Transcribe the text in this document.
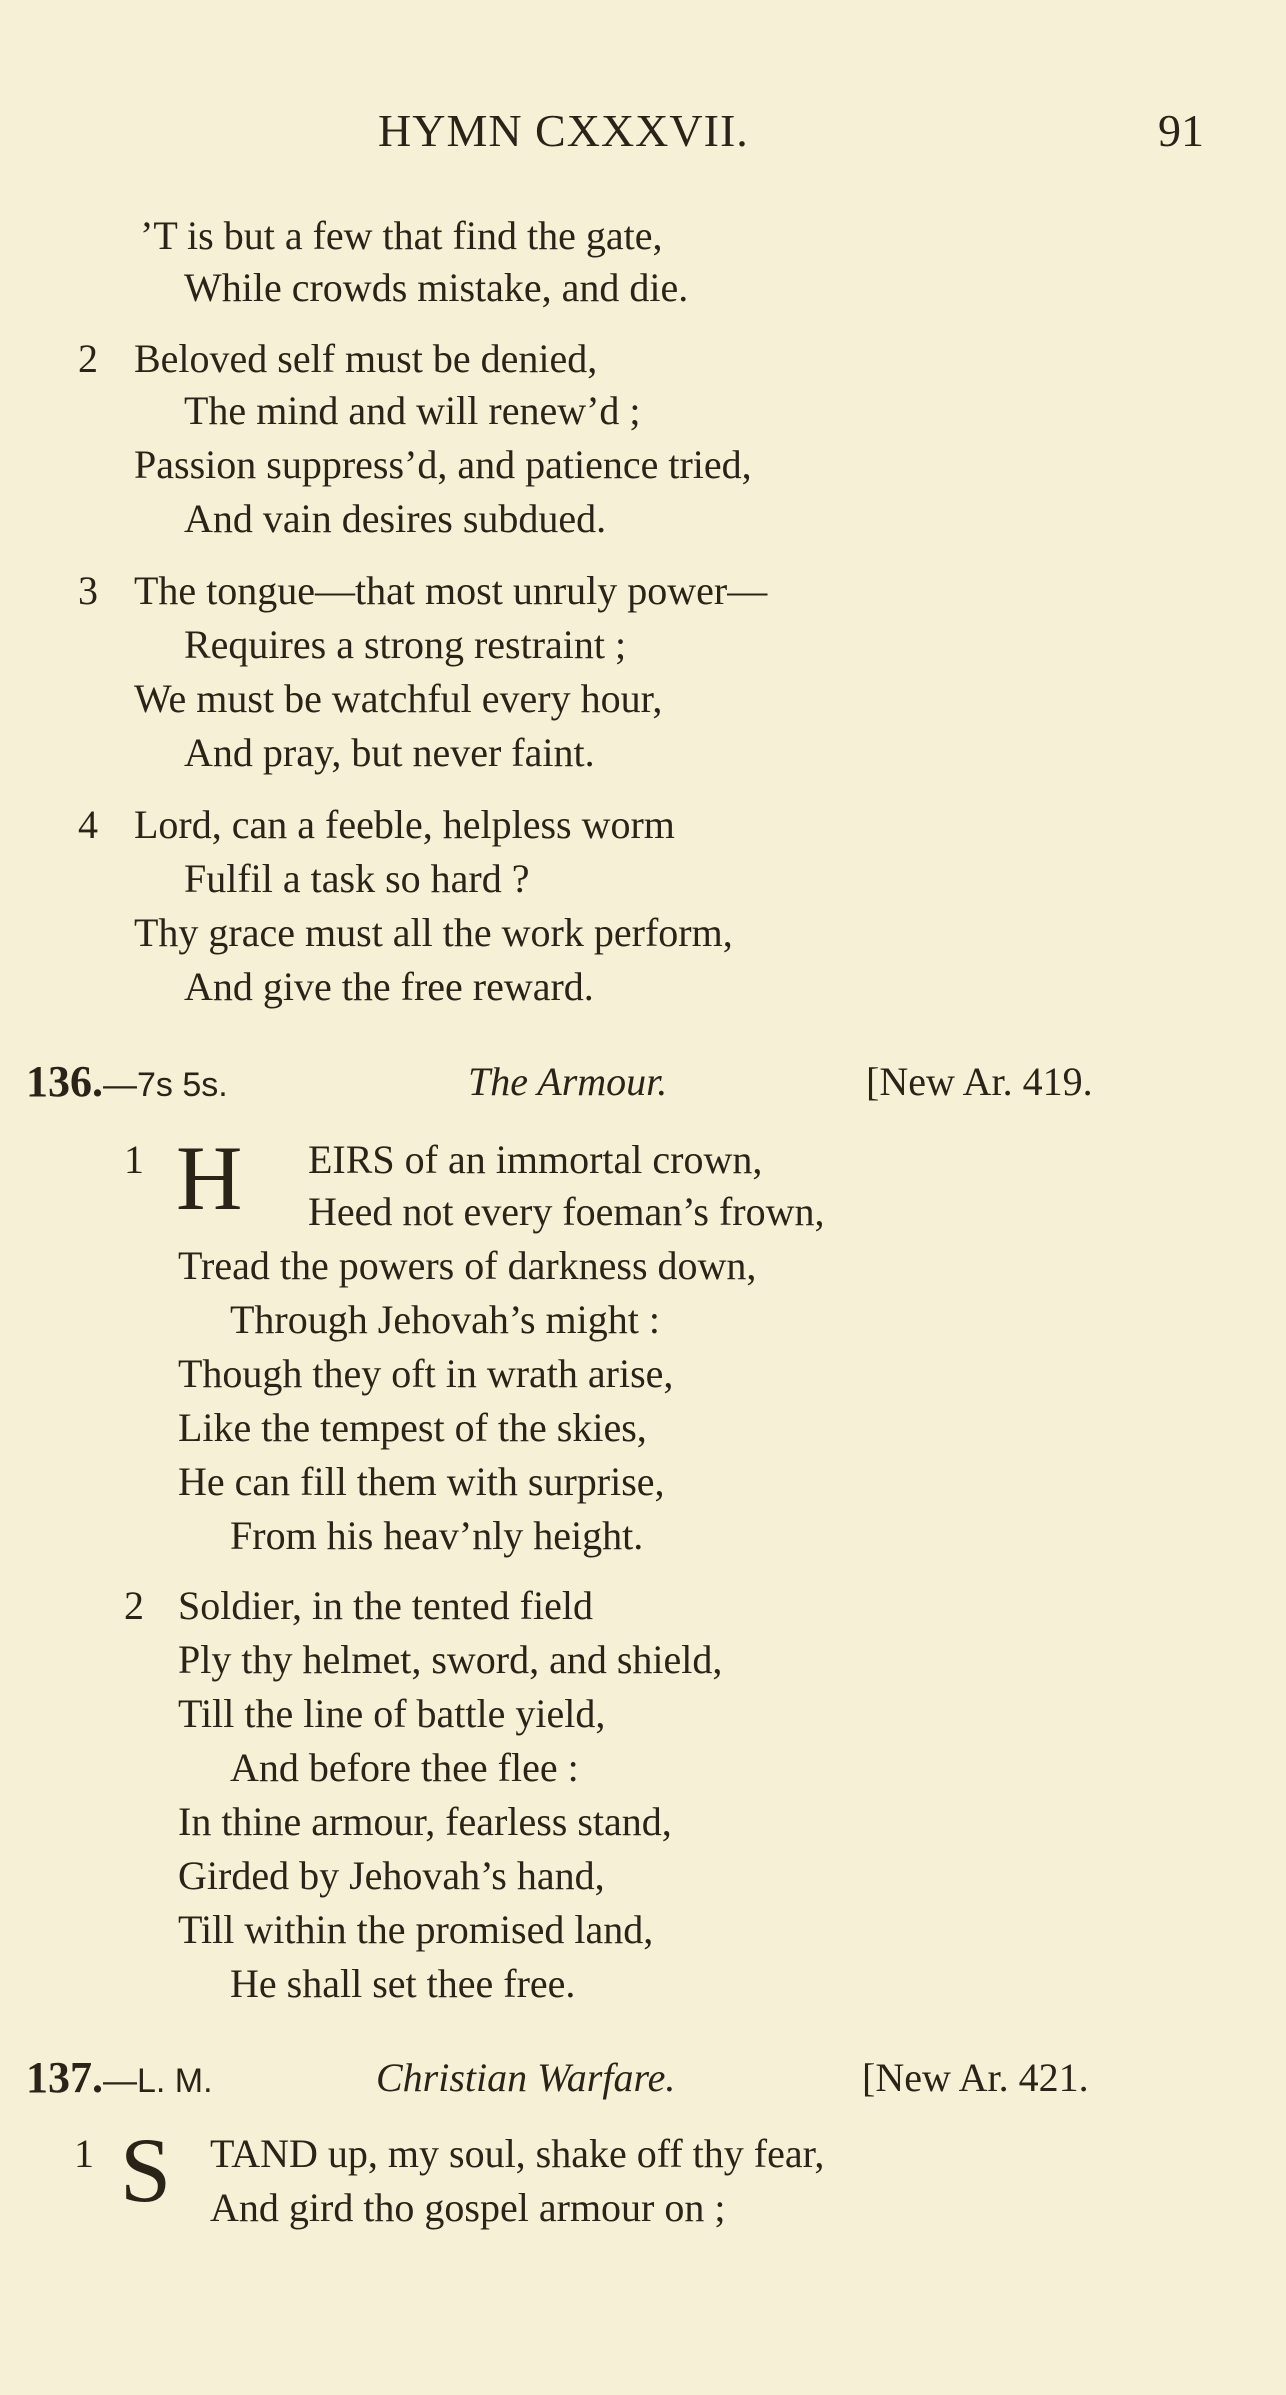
HYMN CXXXVII.	91
’T is but a few that find the gate,
While crowds mistake, and die.
2 Beloved self must be denied,
The mind and will renew’d ;
Passion suppress’d, and patience tried,
And vain desires subdued.
3 The tongue—that most unruly power—
Requires a strong restraint ;
We must be watchful every hour,
And pray, but never faint.
4 Lord, can a feeble, helpless worm
Fulfil a task so hard ?
Thy grace must all the work perform,
And give the free reward.
136.—7s 5s.	The Armour.	[New Ar. 419.
1 H EIRS of an immortal crown,
Heed not every foeman’s frown,
Tread the powers of darkness down,
Through Jehovah’s might :
Though they oft in wrath arise,
Like the tempest of the skies,
He can fill them with surprise,
From his heav’nly height.
2 Soldier, in the tented field
Ply thy helmet, sword, and shield,
Till the line of battle yield,
And before thee flee :
In thine armour, fearless stand,
Girded by Jehovah’s hand,
Till within the promised land,
He shall set thee free.
137.—L. M.	Christian Warfare.	[New Ar. 421.
1 S TAND up, my soul, shake off thy fear,
And gird tho gospel armour on ;
